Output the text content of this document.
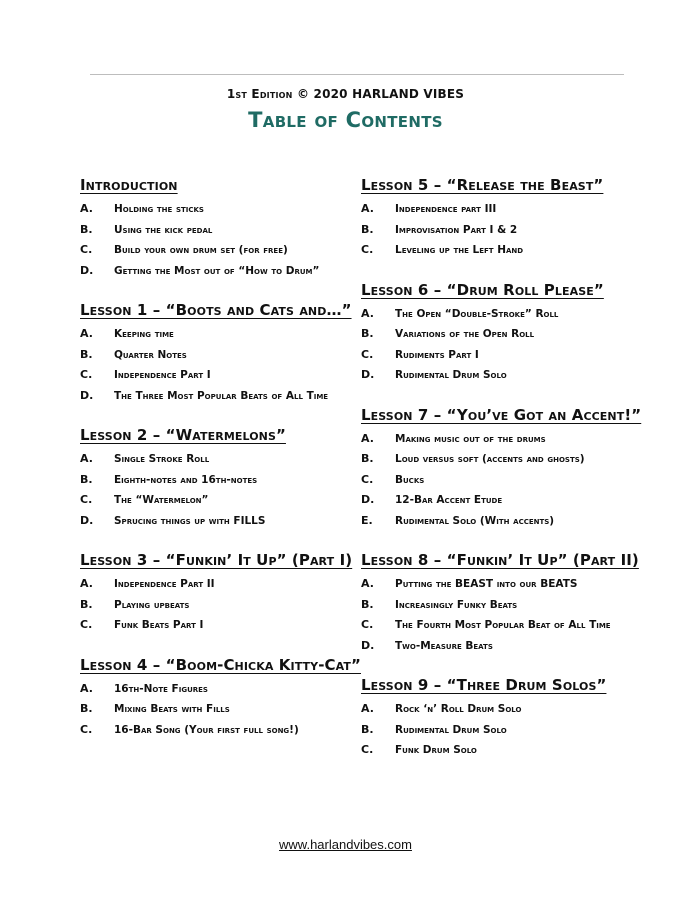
1st Edition © 2020 HARLAND VIBES
Table of Contents
Introduction
A.	Holding the sticks
B.	Using the kick pedal
C.	Build your own drum set (for free)
D.	Getting the Most out of “How to Drum”
Lesson 1 – “Boots and Cats and…”
A.	Keeping time
B.	Quarter Notes
C.	Independence Part I
D.	The Three Most Popular Beats of All Time
Lesson 2 – “Watermelons”
A.	Single Stroke Roll
B.	Eighth-notes and 16th-notes
C.	The “Watermelon”
D.	Sprucing things up with FILLS
Lesson 3 – “Funkin’ It Up” (Part I)
A.	Independence Part II
B.	Playing upbeats
C.	Funk Beats Part I
Lesson 4 – “Boom-Chicka Kitty-Cat”
A.	16th-Note Figures
B.	Mixing Beats with Fills
C.	16-Bar Song (Your first full song!)
Lesson 5 – “Release the Beast”
A.	Independence part III
B.	Improvisation Part I & 2
C.	Leveling up the Left Hand
Lesson 6 – “Drum Roll Please”
A.	The Open “Double-Stroke” Roll
B.	Variations of the Open Roll
C.	Rudiments Part I
D.	Rudimental Drum Solo
Lesson 7 – “You’ve Got an Accent!”
A.	Making music out of the drums
B.	Loud versus soft (accents and ghosts)
C.	Bucks
D.	12-Bar Accent Etude
E.	Rudimental Solo (With accents)
Lesson 8 – “Funkin’ It Up” (Part II)
A.	Putting the BEAST into our BEATS
B.	Increasingly Funky Beats
C.	The Fourth Most Popular Beat of All Time
D.	Two-Measure Beats
Lesson 9 – “Three Drum Solos”
A.	Rock ‘n’ Roll Drum Solo
B.	Rudimental Drum Solo
C.	Funk Drum Solo
www.harlandvibes.com
